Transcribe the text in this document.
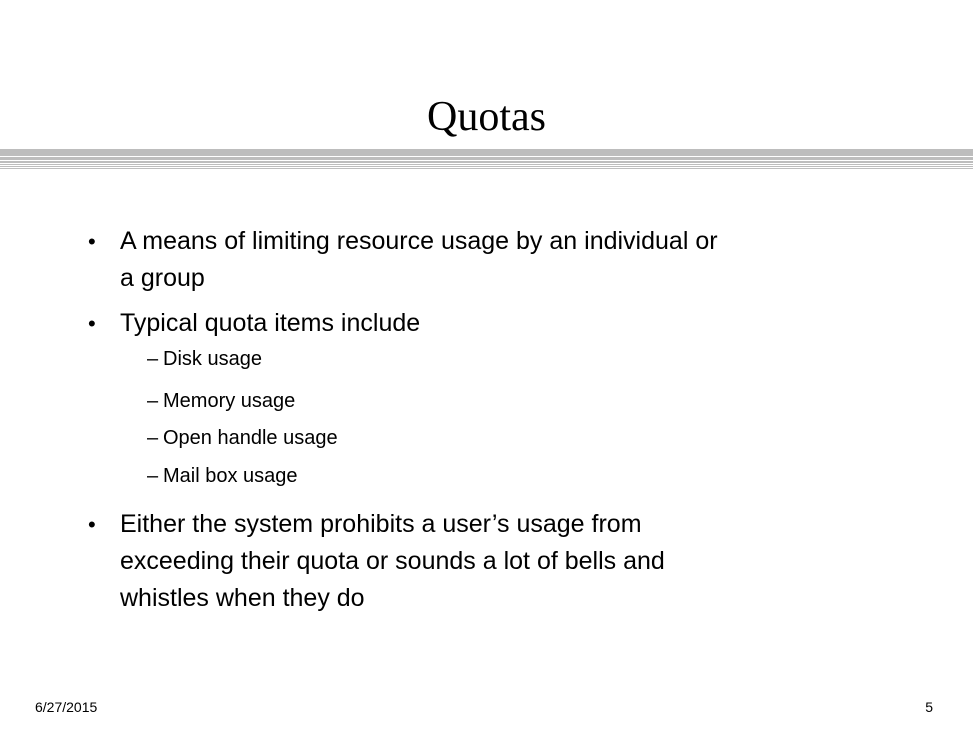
Quotas
• A means of limiting resource usage by an individual or
a group
• Typical quota items include
– Disk usage
– Memory usage
– Open handle usage
– Mail box usage
• Either the system prohibits a user’s usage from
exceeding their quota or sounds a lot of bells and
whistles when they do
6/27/2015	5
